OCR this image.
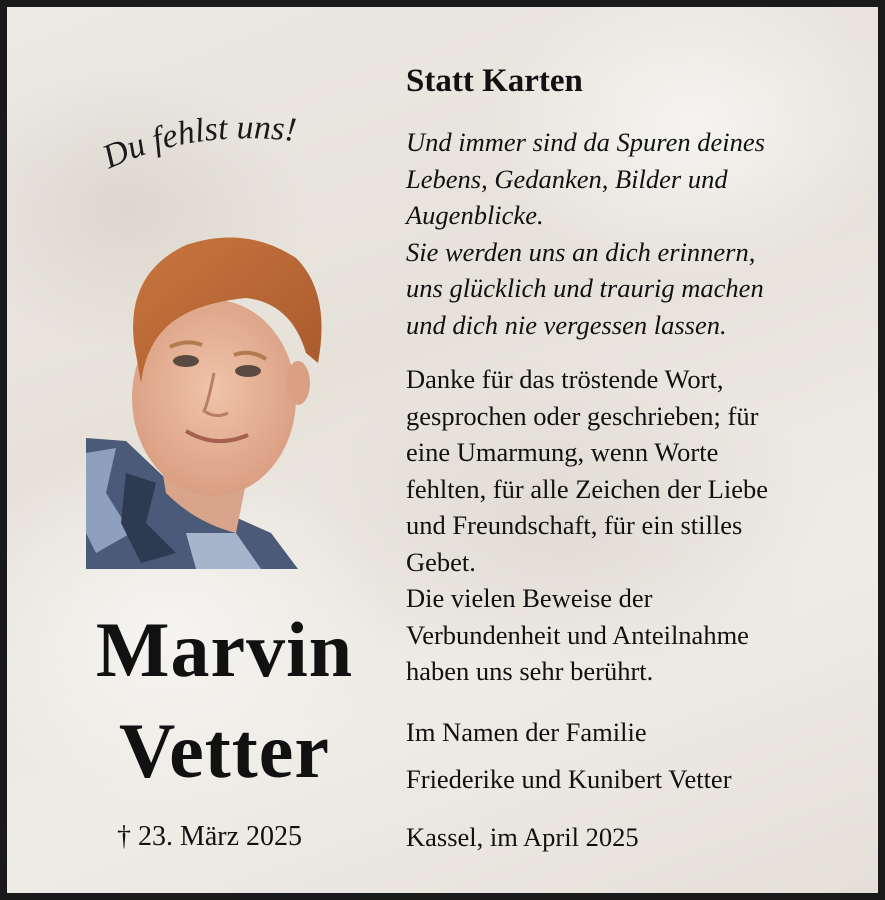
Du fehlst uns!
Marvin
Vetter
† 23. März 2025
Statt Karten
Und immer sind da Spuren deines
Lebens, Gedanken, Bilder und
Augenblicke.
Sie werden uns an dich erinnern,
uns glücklich und traurig machen
und dich nie vergessen lassen.
Danke für das tröstende Wort,
gesprochen oder geschrieben; für
eine Umarmung, wenn Worte
fehlten, für alle Zeichen der Liebe
und Freundschaft, für ein stilles
Gebet.
Die vielen Beweise der
Verbundenheit und Anteilnahme
haben uns sehr berührt.
Im Namen der Familie
Friederike und Kunibert Vetter
Kassel, im April 2025
